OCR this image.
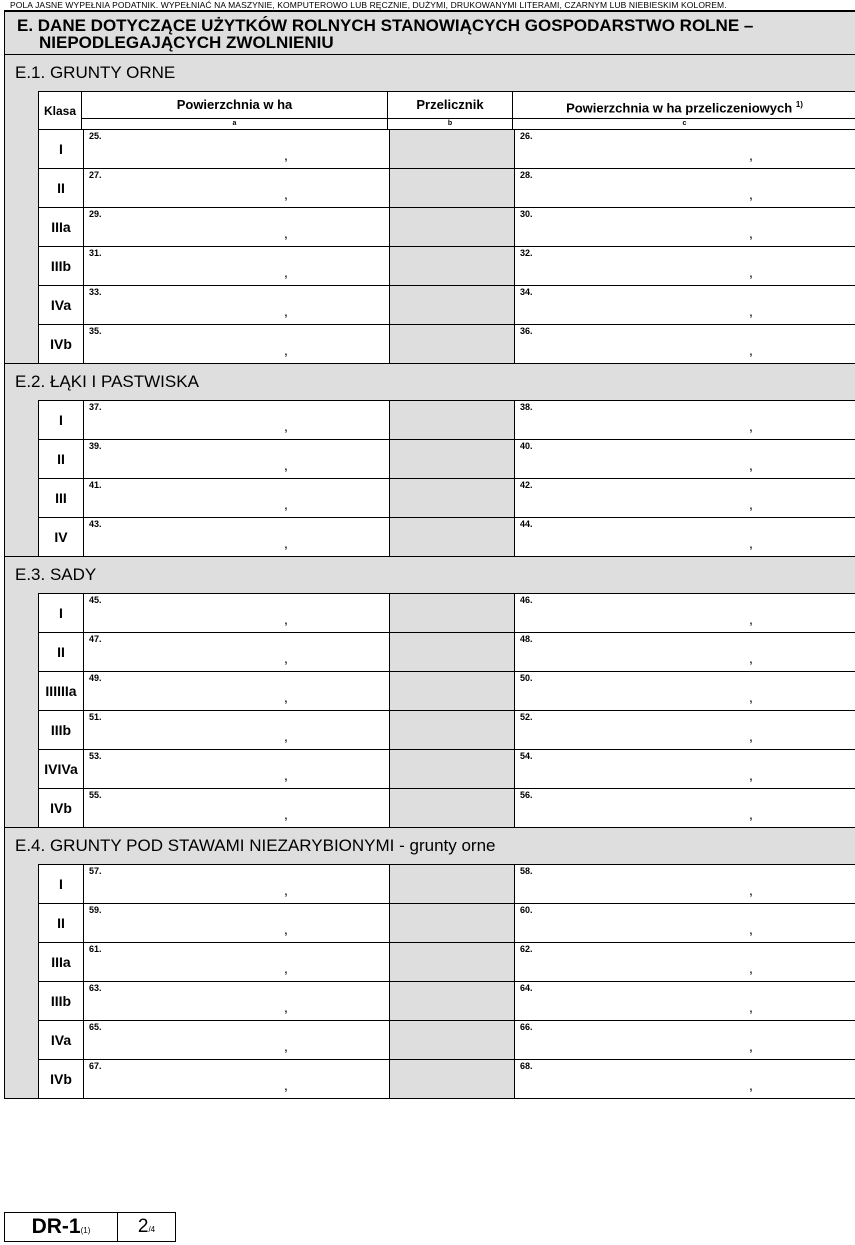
POLA JASNE WYPEŁNIA PODATNIK. WYPEŁNIAĆ NA MASZYNIE, KOMPUTEROWO LUB RĘCZNIE, DUŻYMI, DRUKOWANYMI LITERAMI, CZARNYM LUB NIEBIESKIM KOLOREM.
E. DANE DOTYCZĄCE UŻYTKÓW ROLNYCH STANOWIĄCYCH GOSPODARSTWO ROLNE –
NIEPODLEGAJĄCYCH ZWOLNIENIU
E.1. GRUNTY ORNE
Klasa	Powierzchnia w ha
a
Przelicznik
b
Powierzchnia w ha przeliczeniowych $^{1)}$
c
I
25.
,
26.
,
II
27.
,
28.
,
IIIa
29.
,
30.
,
IIIb
31.
,
32.
,
IVa
33.
,
34.
,
IVb
35.
,
36.
,
E.2. ŁĄKI I PASTWISKA
I
37.
,
38.
,
II
39.
,
40.
,
III
41.
,
42.
,
IV
43.
,
44.
,
E.3. SADY
I
45.
,
46.
,
II
47.
,
48.
,
III IIIa
49.
,
50.
,
IIIb
51.
,
52.
,
IV IVa
53.
,
54.
,
IVb
55.
,
56.
,
E.4. GRUNTY POD STAWAMI NIEZARYBIONYMI - grunty orne
I
57.
,
58.
,
II
59.
,
60.
,
IIIa
61.
,
62.
,
IIIb
63.
,
64.
,
IVa
65.
,
66.
,
IVb
67.
,
68.
,
DR-1(1)	2/4
